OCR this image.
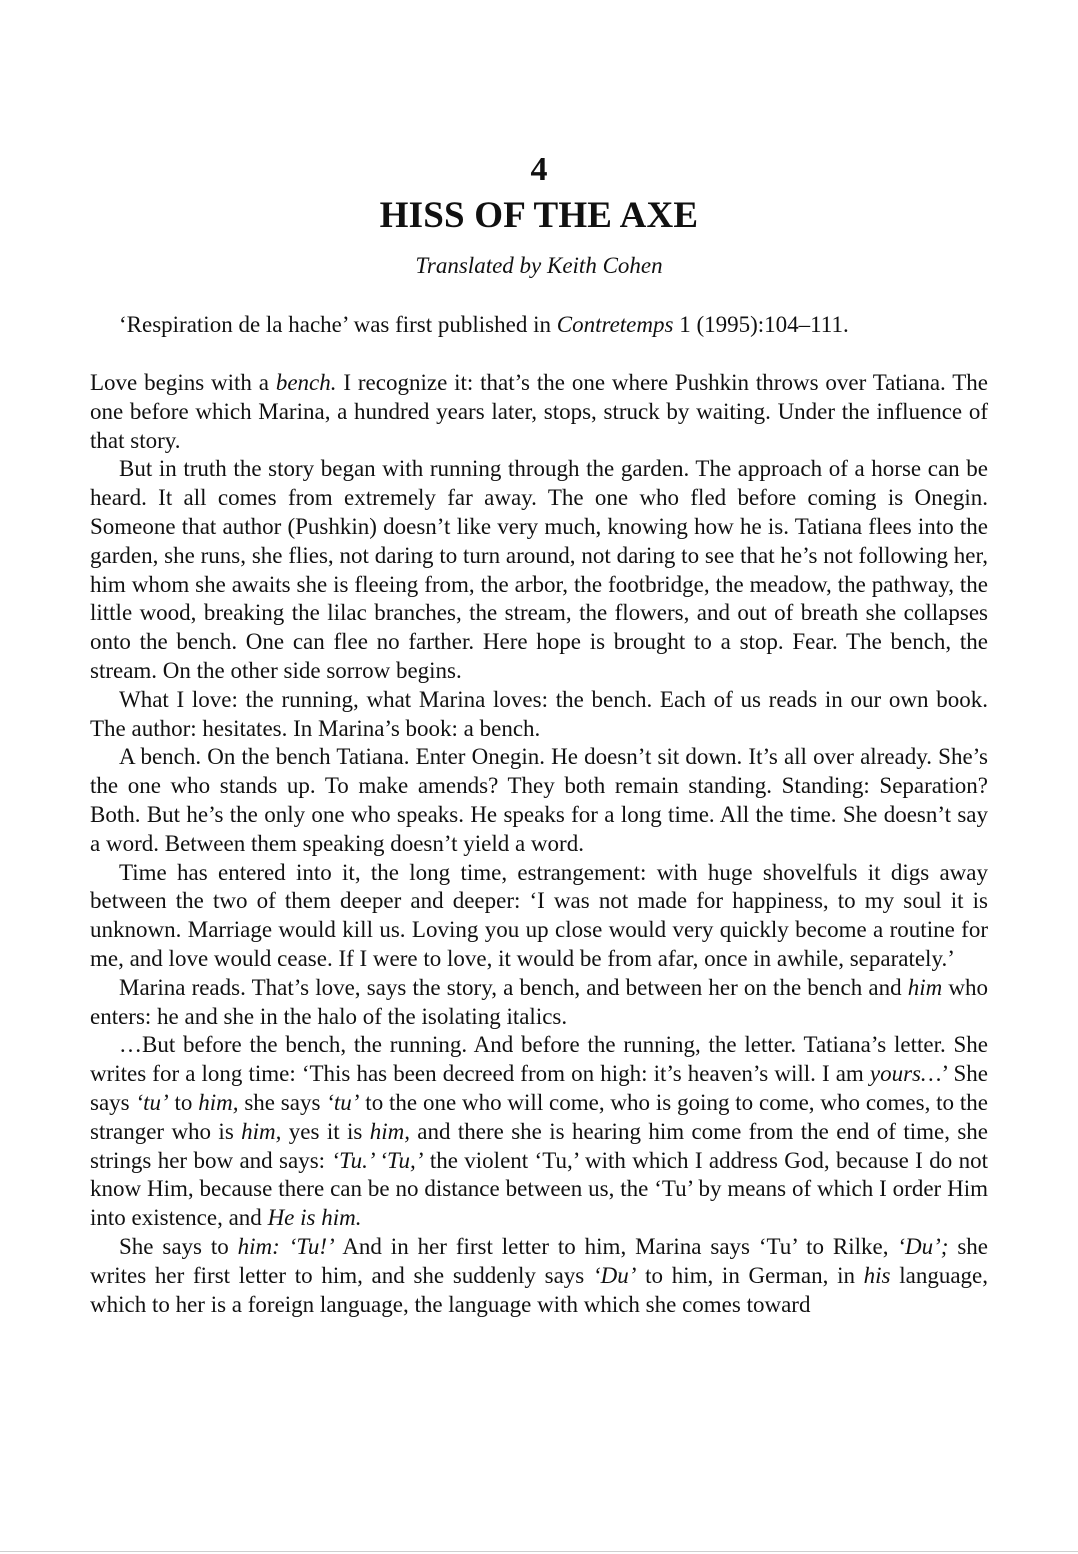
4
HISS OF THE AXE
Translated by Keith Cohen
‘Respiration de la hache’ was first published in Contretemps 1 (1995):104–111.

Love begins with a bench. I recognize it: that’s the one where Pushkin throws over Tatiana. The one before which Marina, a hundred years later, stops, struck by waiting. Under the influence of that story.

But in truth the story began with running through the garden. The approach of a horse can be heard. It all comes from extremely far away. The one who fled before coming is Onegin. Someone that author (Pushkin) doesn’t like very much, knowing how he is. Tatiana flees into the garden, she runs, she flies, not daring to turn around, not daring to see that he’s not following her, him whom she awaits she is fleeing from, the arbor, the footbridge, the meadow, the pathway, the little wood, breaking the lilac branches, the stream, the flowers, and out of breath she collapses onto the bench. One can flee no farther. Here hope is brought to a stop. Fear. The bench, the stream. On the other side sorrow begins.

What I love: the running, what Marina loves: the bench. Each of us reads in our own book. The author: hesitates. In Marina’s book: a bench.

A bench. On the bench Tatiana. Enter Onegin. He doesn’t sit down. It’s all over already. She’s the one who stands up. To make amends? They both remain standing. Standing: Separation? Both. But he’s the only one who speaks. He speaks for a long time. All the time. She doesn’t say a word. Between them speaking doesn’t yield a word.

Time has entered into it, the long time, estrangement: with huge shovelfuls it digs away between the two of them deeper and deeper: ‘I was not made for happiness, to my soul it is unknown. Marriage would kill us. Loving you up close would very quickly become a routine for me, and love would cease. If I were to love, it would be from afar, once in awhile, separately.’

Marina reads. That’s love, says the story, a bench, and between her on the bench and him who enters: he and she in the halo of the isolating italics.

…But before the bench, the running. And before the running, the letter. Tatiana’s letter. She writes for a long time: ‘This has been decreed from on high: it’s heaven’s will. I am yours…’ She says ‘tu’ to him, she says ‘tu’ to the one who will come, who is going to come, who comes, to the stranger who is him, yes it is him, and there she is hearing him come from the end of time, she strings her bow and says: ‘Tu.’ ‘Tu,’ the violent ‘Tu,’ with which I address God, because I do not know Him, because there can be no distance between us, the ‘Tu’ by means of which I order Him into existence, and He is him.

She says to him: ‘Tu!’ And in her first letter to him, Marina says ‘Tu’ to Rilke, ‘Du’; she writes her first letter to him, and she suddenly says ‘Du’ to him, in German, in his language, which to her is a foreign language, the language with which she comes toward
